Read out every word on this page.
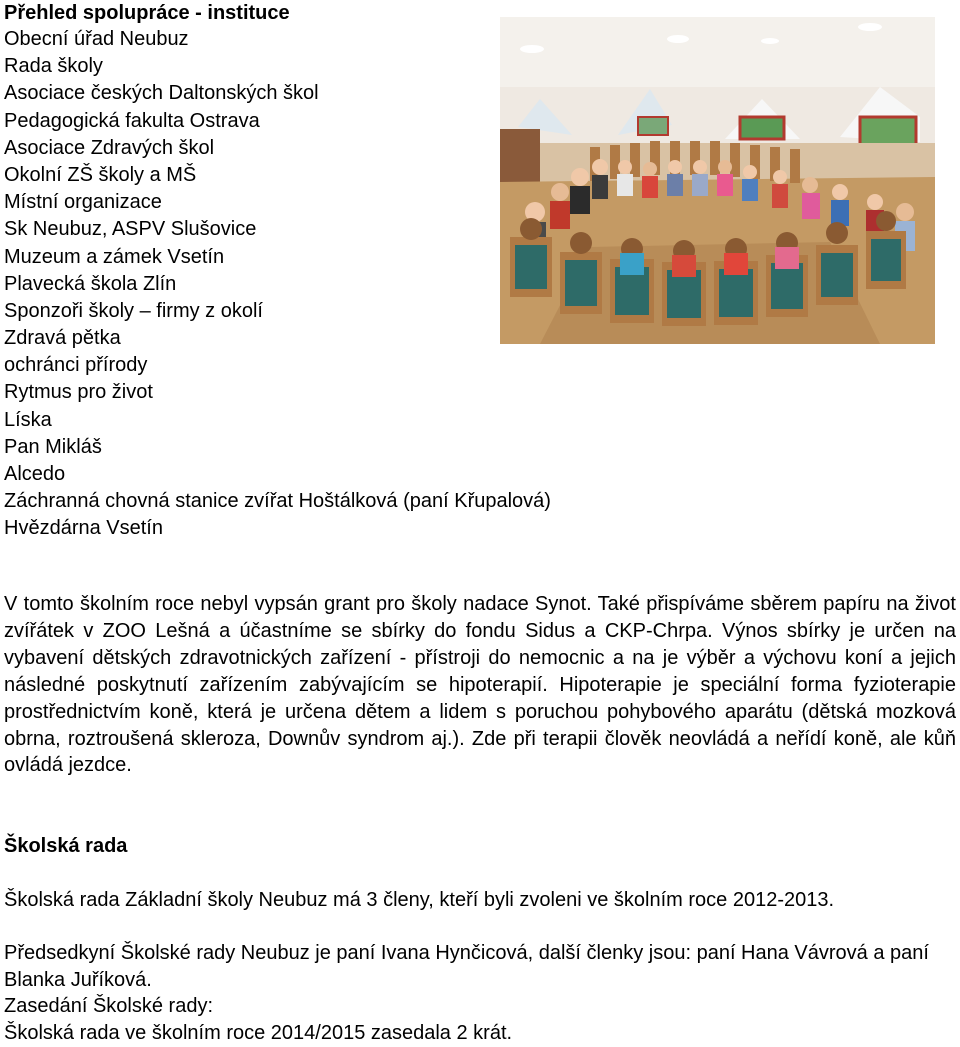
Přehled spolupráce - instituce
Obecní úřad Neubuz
Rada školy
Asociace českých Daltonských škol
Pedagogická fakulta Ostrava
Asociace Zdravých škol
Okolní ZŠ školy a MŠ
Místní organizace
Sk Neubuz, ASPV Slušovice
Muzeum a zámek Vsetín
Plavecká škola Zlín
Sponzoři školy – firmy z okolí
Zdravá pětka
ochránci přírody
Rytmus pro život
Líska
Pan Mikláš
Alcedo
Záchranná chovná stanice zvířat Hoštálková (paní Křupalová)
Hvězdárna Vsetín

V tomto školním roce nebyl vypsán grant pro školy nadace Synot. Také přispíváme sběrem papíru na život zvířátek v ZOO Lešná a účastníme se sbírky do fondu Sidus a CKP-Chrpa. Výnos sbírky je určen na vybavení dětských zdravotnických zařízení - přístroji do nemocnic a na je výběr a výchovu koní a jejich následné poskytnutí zařízením zabývajícím se hipoterapií. Hipoterapie je speciální forma fyzioterapie prostřednictvím koně, která je určena dětem a lidem s poruchou pohybového aparátu (dětská mozková obrna, roztroušená skleroza, Downův syndrom aj.). Zde při terapii člověk neovládá a neřídí koně, ale kůň ovládá jezdce.

Školská rada

Školská rada Základní školy Neubuz má 3 členy, kteří byli zvoleni ve školním roce 2012-2013.

Předsedkyní Školské rady Neubuz je paní Ivana Hynčicová, další členky jsou: paní Hana Vávrová a paní Blanka Juříková.

Zasedání Školské rady:

Školská rada ve školním roce 2014/2015 zasedala 2 krát.
